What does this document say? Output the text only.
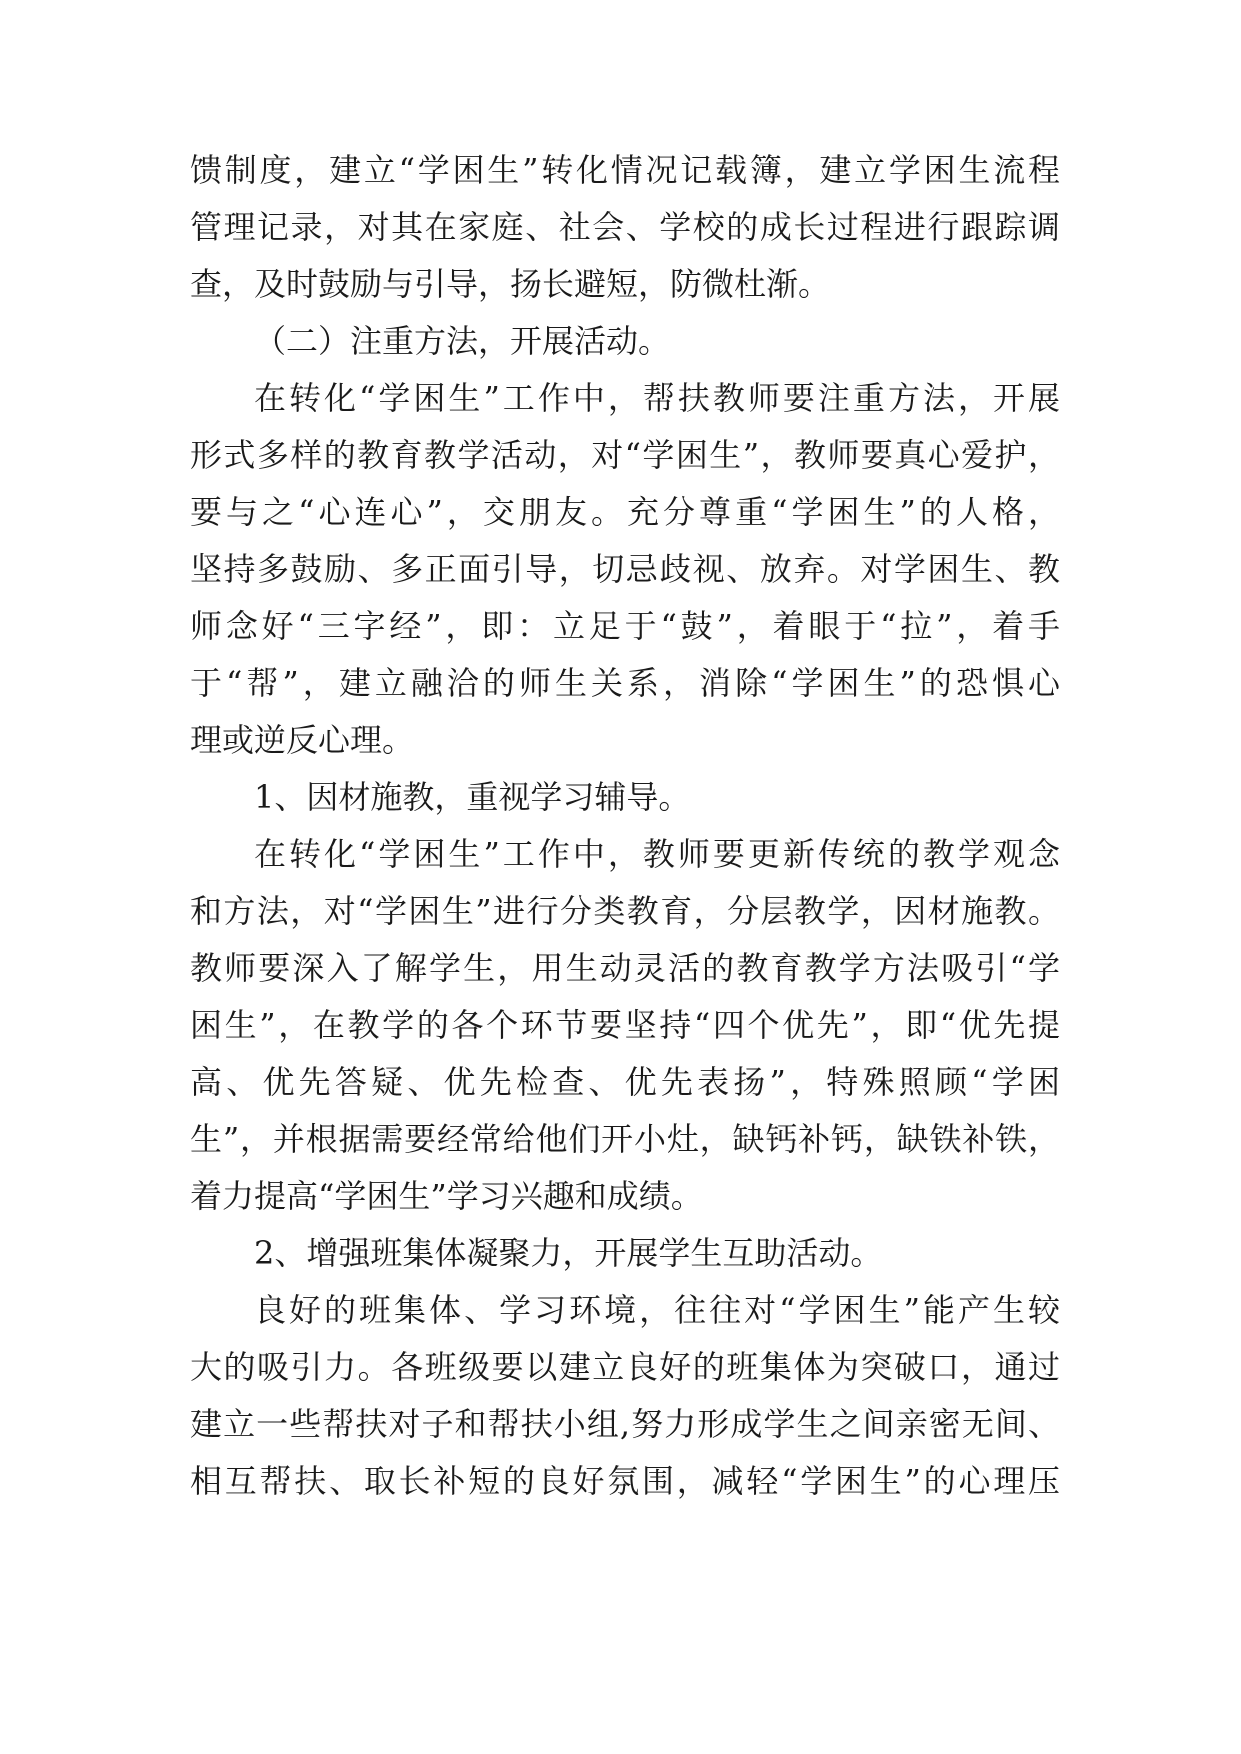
馈制度，建立“学困生”转化情况记载簿，建立学困生流程

管理记录，对其在家庭、社会、学校的成长过程进行跟踪调

查，及时鼓励与引导，扬长避短，防微杜渐。

（二）注重方法，开展活动。

在转化“学困生”工作中，帮扶教师要注重方法，开展

形式多样的教育教学活动，对“学困生”，教师要真心爱护，

要与之“心连心”，交朋友。充分尊重“学困生”的人格，

坚持多鼓励、多正面引导，切忌歧视、放弃。对学困生、教

师念好“三字经”，即：立足于“鼓”，着眼于“拉”，着手

于“帮”，建立融洽的师生关系，消除“学困生”的恐惧心

理或逆反心理。

1、因材施教，重视学习辅导。

在转化“学困生”工作中，教师要更新传统的教学观念

和方法，对“学困生”进行分类教育，分层教学，因材施教。

教师要深入了解学生，用生动灵活的教育教学方法吸引“学

困生”，在教学的各个环节要坚持“四个优先”，即“优先提

高、优先答疑、优先检查、优先表扬”，特殊照顾“学困

生”，并根据需要经常给他们开小灶，缺钙补钙，缺铁补铁，

着力提高“学困生”学习兴趣和成绩。

2、增强班集体凝聚力，开展学生互助活动。

良好的班集体、学习环境，往往对“学困生”能产生较

大的吸引力。各班级要以建立良好的班集体为突破口，通过

建立一些帮扶对子和帮扶小组,努力形成学生之间亲密无间、

相互帮扶、取长补短的良好氛围，减轻“学困生”的心理压
